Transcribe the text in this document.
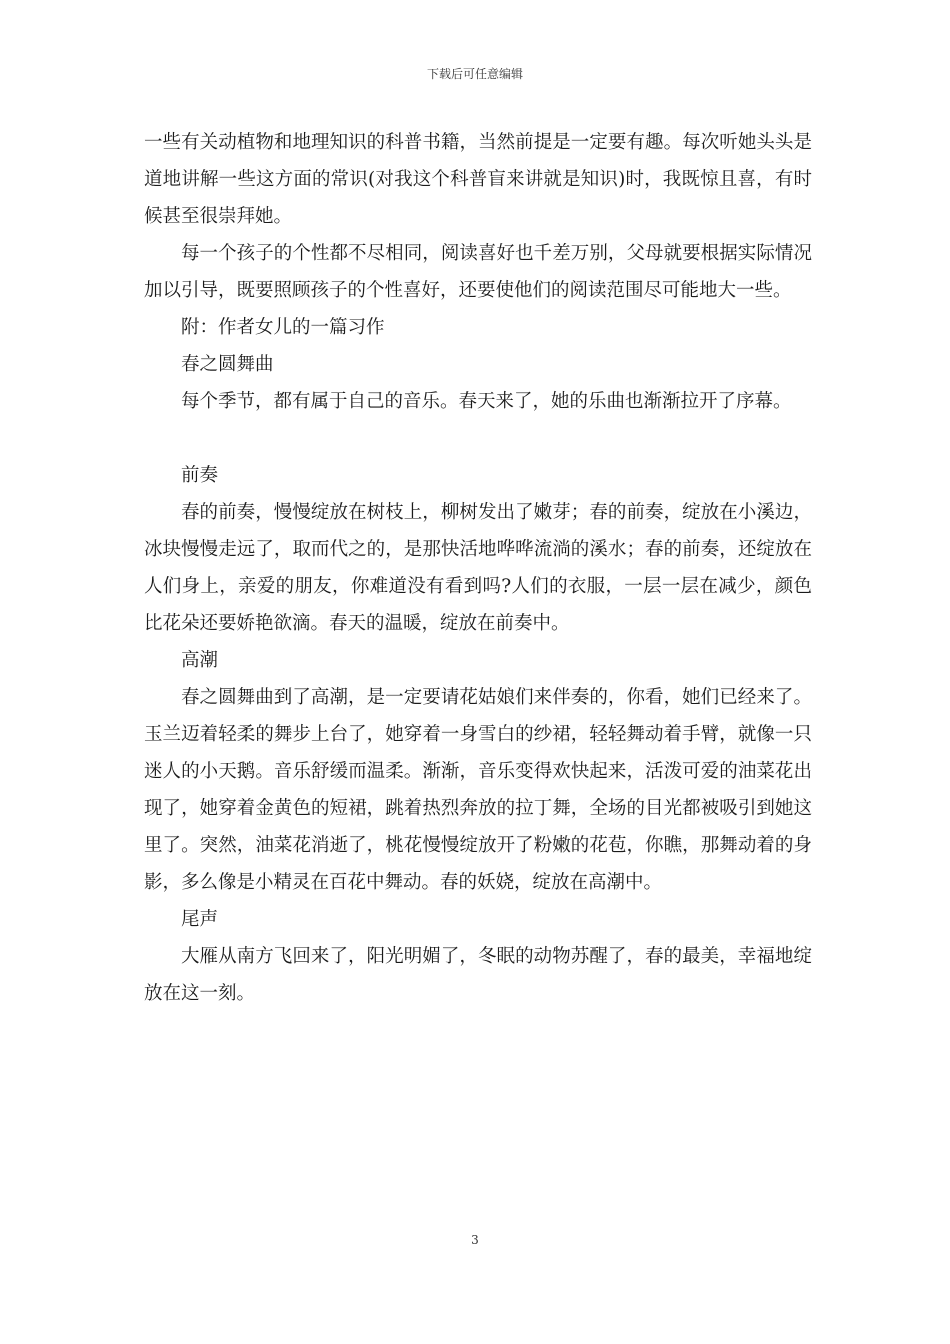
下载后可任意编辑

一些有关动植物和地理知识的科普书籍，当然前提是一定要有趣。每次听她头头是道地讲解一些这方面的常识(对我这个科普盲来讲就是知识)时，我既惊且喜，有时候甚至很崇拜她。

每一个孩子的个性都不尽相同，阅读喜好也千差万别，父母就要根据实际情况加以引导，既要照顾孩子的个性喜好，还要使他们的阅读范围尽可能地大一些。

附：作者女儿的一篇习作

春之圆舞曲

每个季节，都有属于自己的音乐。春天来了，她的乐曲也渐渐拉开了序幕。

前奏

春的前奏，慢慢绽放在树枝上，柳树发出了嫩芽；春的前奏，绽放在小溪边，冰块慢慢走远了，取而代之的，是那快活地哗哗流淌的溪水；春的前奏，还绽放在人们身上，亲爱的朋友，你难道没有看到吗?人们的衣服，一层一层在减少，颜色比花朵还要娇艳欲滴。春天的温暖，绽放在前奏中。

高潮

春之圆舞曲到了高潮，是一定要请花姑娘们来伴奏的，你看，她们已经来了。玉兰迈着轻柔的舞步上台了，她穿着一身雪白的纱裙，轻轻舞动着手臂，就像一只迷人的小天鹅。音乐舒缓而温柔。渐渐，音乐变得欢快起来，活泼可爱的油菜花出现了，她穿着金黄色的短裙，跳着热烈奔放的拉丁舞，全场的目光都被吸引到她这里了。突然，油菜花消逝了，桃花慢慢绽放开了粉嫩的花苞，你瞧，那舞动着的身影，多么像是小精灵在百花中舞动。春的妖娆，绽放在高潮中。

尾声

大雁从南方飞回来了，阳光明媚了，冬眠的动物苏醒了，春的最美，幸福地绽放在这一刻。

3
